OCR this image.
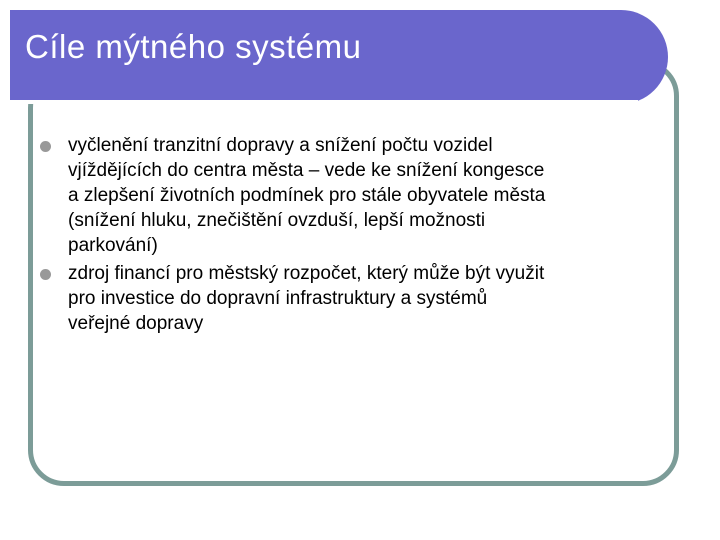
Cíle mýtného systému
vyčlenění tranzitní dopravy a snížení počtu vozidel
vjíždějících do centra města – vede ke snížení kongesce
a zlepšení životních podmínek pro stále obyvatele města
(snížení hluku, znečištění ovzduší, lepší možnosti
parkování)
zdroj financí pro městský rozpočet, který může být využit
pro investice do dopravní infrastruktury a systémů
veřejné dopravy
